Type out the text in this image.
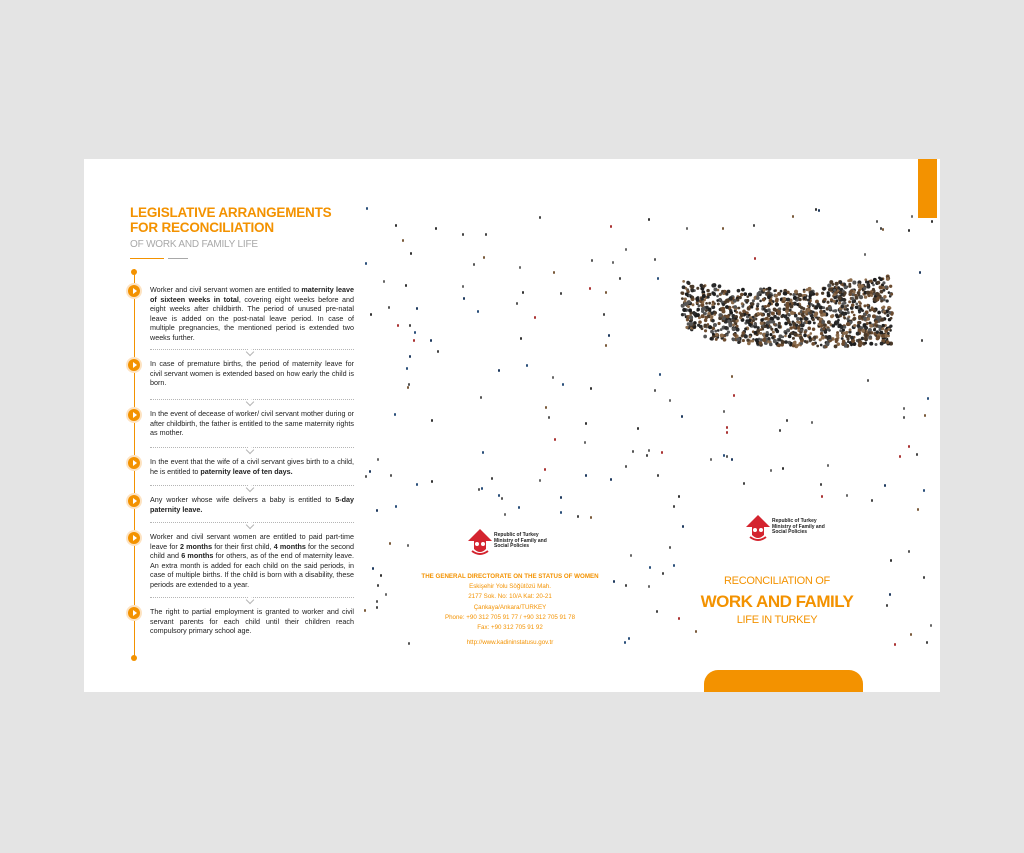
LEGISLATIVE ARRANGEMENTS FOR RECONCILIATION

OF WORK AND FAMILY LIFE

Worker and civil servant women are entitled to maternity leave of sixteen weeks in total, covering eight weeks before and eight weeks after childbirth. The period of unused pre-natal leave is added on the post-natal leave period. In case of multiple pregnancies, the mentioned period is extended two weeks further.

In case of premature births, the period of maternity leave for civil servant women is extended based on how early the child is born.

In the event of decease of worker/ civil servant mother during or after childbirth, the father is entitled to the same maternity rights as mother.

In the event that the wife of a civil servant gives birth to a child, he is entitled to paternity leave of ten days.

Any worker whose wife delivers a baby is entitled to 5-day paternity leave.

Worker and civil servant women are entitled to paid part-time leave for 2 months for their first child, 4 months for the second child and 6 months for others, as of the end of maternity leave. An extra month is added for each child on the said periods, in case of multiple births. If the child is born with a disability, these periods are extended to a year.

The right to partial employment is granted to worker and civil servant parents for each child until their children reach compulsory primary school age.

Republic of Turkey
Ministry of Family and
Social Policies

THE GENERAL DIRECTORATE ON THE STATUS OF WOMEN

Eskişehir Yolu Söğütözü Mah.

2177 Sok. No: 10/A Kat: 20-21

Çankaya/Ankara/TURKEY

Phone: +90 312 705 91 77 / +90 312 705 91 78

Fax: +90 312 705 91 92

http://www.kadininstatusu.gov.tr

Republic of Turkey
Ministry of Family and
Social Policies

RECONCILIATION OF

WORK AND FAMILY

LIFE IN TURKEY
